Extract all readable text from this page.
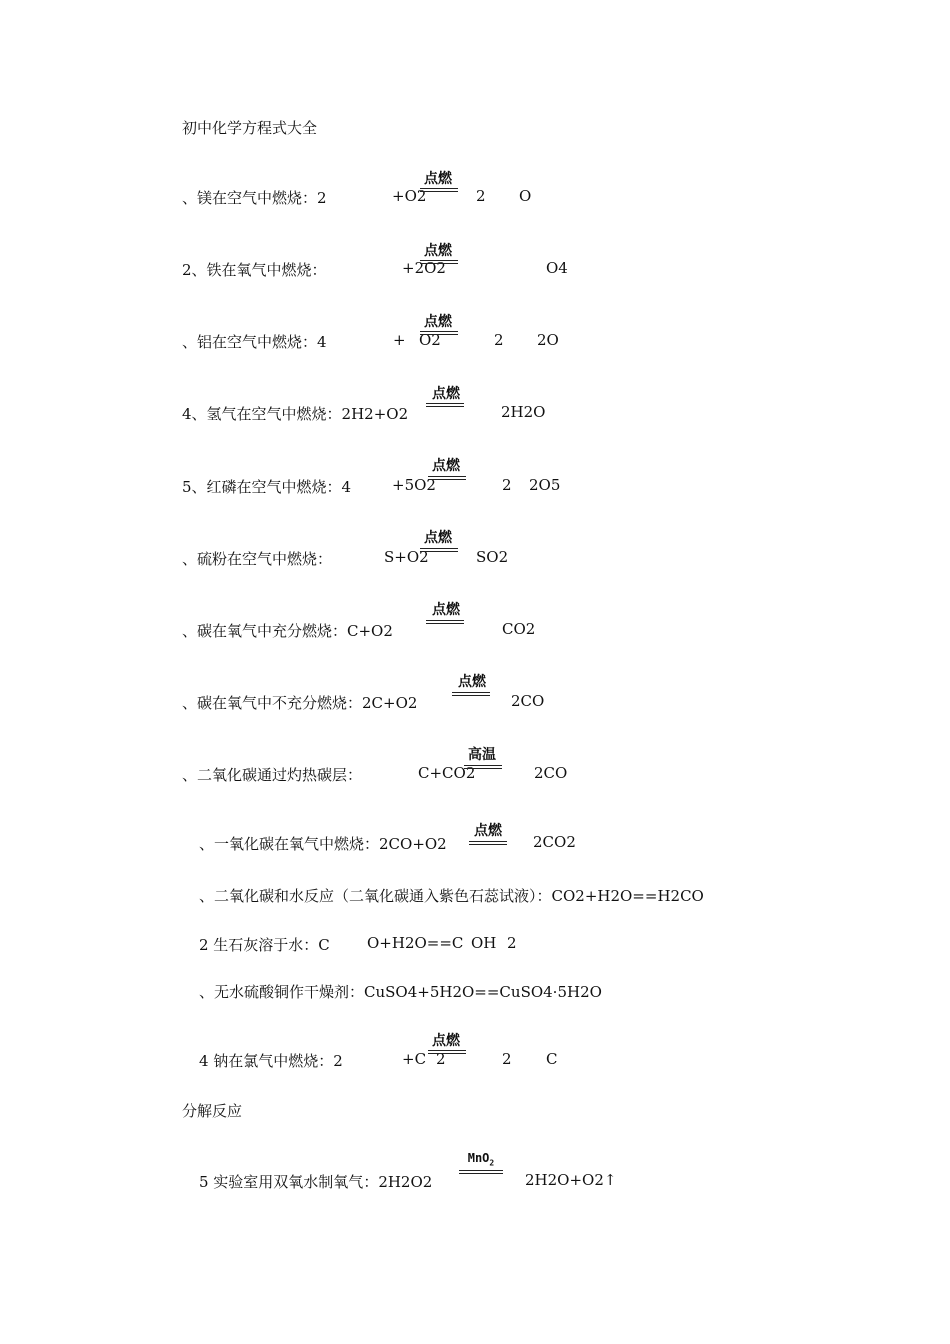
初中化学方程式大全
、镁在空气中燃烧：2	+O2
点燃
2 O
2、铁在氧气中燃烧：	+2O2
点燃
O4
、铝在空气中燃烧：4	+ O2
点燃
2 2O
4、氢气在空气中燃烧：2H2+O2
点燃
2H2O
5、红磷在空气中燃烧：4	+5O2
点燃
2 2O5
、硫粉在空气中燃烧：	S+O2
点燃
SO2
、碳在氧气中充分燃烧：C+O2
点燃
CO2
、碳在氧气中不充分燃烧：2C+O2
点燃
2CO
、二氧化碳通过灼热碳层：	C+CO2
高温
2CO
、一氧化碳在氧气中燃烧：2CO+O2
点燃
2CO2
、二氧化碳和水反应（二氧化碳通入紫色石蕊试液）：CO2+H2O==H2CO
2 生石灰溶于水：C O+H2O==C OH 2
、无水硫酸铜作干燥剂：CuSO4+5H2O==CuSO4·5H2O
4 钠在氯气中燃烧：2	+C 2
点燃
2 C
分解反应
5 实验室用双氧水制氧气：2H2O2
MnO$_2$
2H2O+O2↑
